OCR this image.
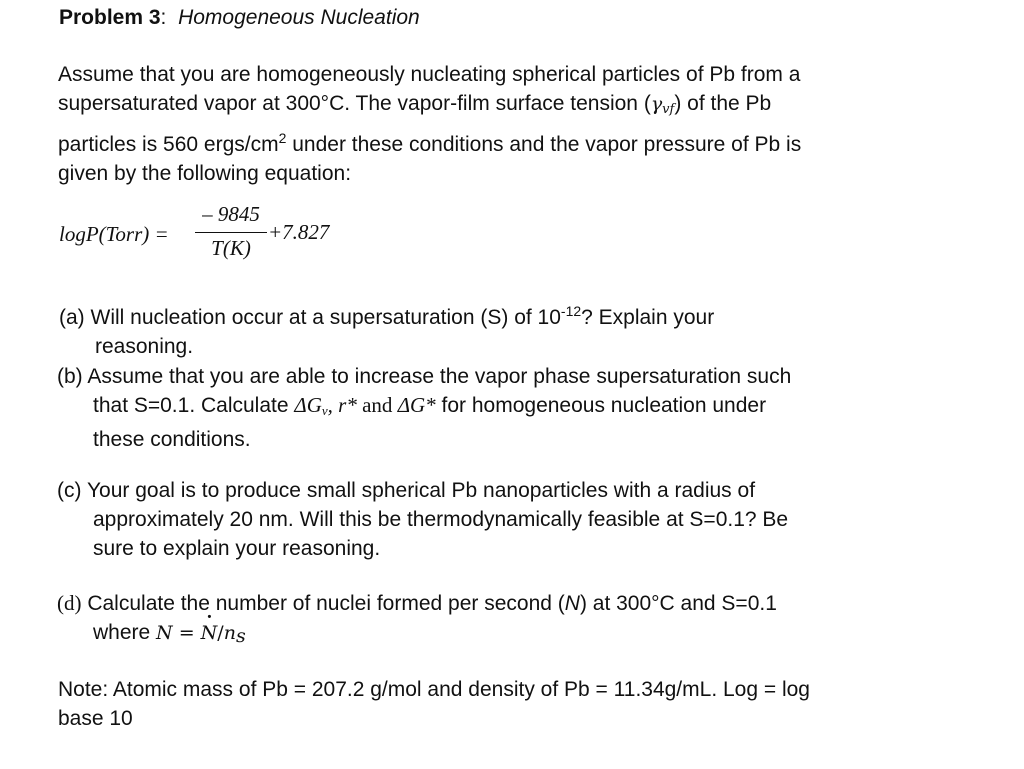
Problem 3: Homogeneous Nucleation
Assume that you are homogeneously nucleating spherical particles of Pb from a
supersaturated vapor at 300°C. The vapor-film surface tension $(\gamma_{vf})$ of the Pb
particles is 560 ergs/$cm^2$ under these conditions and the vapor pressure of Pb is
given by the following equation:
logP(Torr) =
– 9845
T(K)
+7.827
(a) Will nucleation occur at a supersaturation (S) of $10^{-12}$? Explain your
reasoning.
(b) Assume that you are able to increase the vapor phase supersaturation such
that S=0.1. Calculate $\Delta G_v$, r* and ΔG* for homogeneous nucleation under
these conditions.
(c) Your goal is to produce small spherical Pb nanoparticles with a radius of
approximately 20 nm. Will this be thermodynamically feasible at S=0.1? Be
sure to explain your reasoning.
(d) Calculate the number of nuclei formed per second (N) at 300°C and S=0.1
where N = · N/ns
Note: Atomic mass of Pb = 207.2 g/mol and density of Pb = 11.34g/mL. Log = log
base 10
